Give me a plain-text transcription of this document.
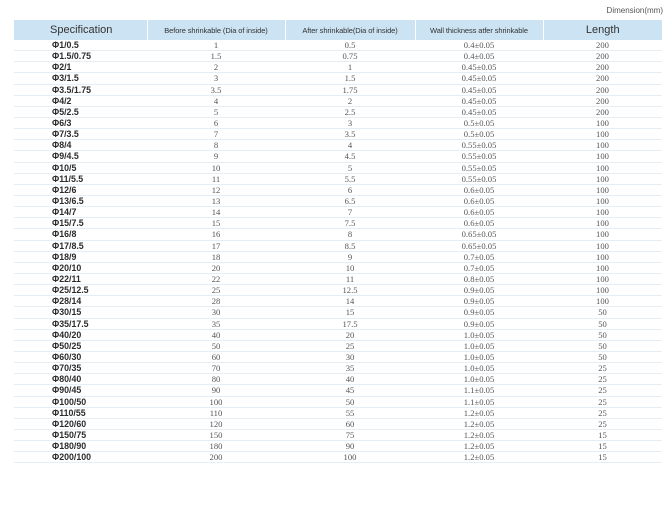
Dimension(mm)
Specification	Before shrinkable (Dia of inside)	After shrinkable(Dia of inside)	Wall thickness atfer shrinkable	Length
Φ1/0.5	1	0.5	0.4±0.05	200
Φ1.5/0.75	1.5	0.75	0.4±0.05	200
Φ2/1	2	1	0.45±0.05	200
Φ3/1.5	3	1.5	0.45±0.05	200
Φ3.5/1.75	3.5	1.75	0.45±0.05	200
Φ4/2	4	2	0.45±0.05	200
Φ5/2.5	5	2.5	0.45±0.05	200
Φ6/3	6	3	0.5±0.05	100
Φ7/3.5	7	3.5	0.5±0.05	100
Φ8/4	8	4	0.55±0.05	100
Φ9/4.5	9	4.5	0.55±0.05	100
Φ10/5	10	5	0.55±0.05	100
Φ11/5.5	11	5.5	0.55±0.05	100
Φ12/6	12	6	0.6±0.05	100
Φ13/6.5	13	6.5	0.6±0.05	100
Φ14/7	14	7	0.6±0.05	100
Φ15/7.5	15	7.5	0.6±0.05	100
Φ16/8	16	8	0.65±0.05	100
Φ17/8.5	17	8.5	0.65±0.05	100
Φ18/9	18	9	0.7±0.05	100
Φ20/10	20	10	0.7±0.05	100
Φ22/11	22	11	0.8±0.05	100
Φ25/12.5	25	12.5	0.9±0.05	100
Φ28/14	28	14	0.9±0.05	100
Φ30/15	30	15	0.9±0.05	50
Φ35/17.5	35	17.5	0.9±0.05	50
Φ40/20	40	20	1.0±0.05	50
Φ50/25	50	25	1.0±0.05	50
Φ60/30	60	30	1.0±0.05	50
Φ70/35	70	35	1.0±0.05	25
Φ80/40	80	40	1.0±0.05	25
Φ90/45	90	45	1.1±0.05	25
Φ100/50	100	50	1.1±0.05	25
Φ110/55	110	55	1.2±0.05	25
Φ120/60	120	60	1.2±0.05	25
Φ150/75	150	75	1.2±0.05	15
Φ180/90	180	90	1.2±0.05	15
Φ200/100	200	100	1.2±0.05	15
